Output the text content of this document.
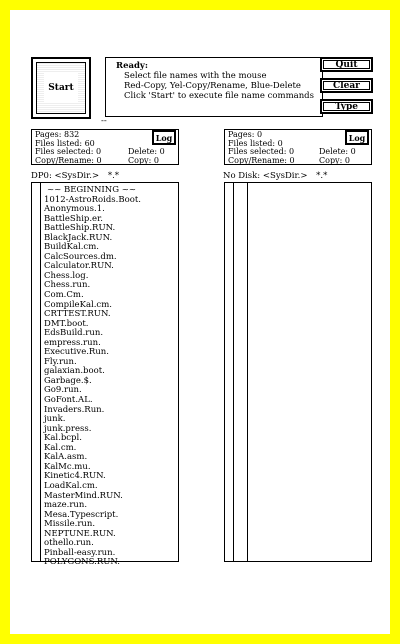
Start
Ready:
Select file names with the mouse
Red-Copy, Yel-Copy/Rename, Blue-Delete
Click 'Start' to execute file name commands
--
Quit
Clear
Type
Pages: 832
Files listed: 60
Files selected: 0	Delete: 0
Copy/Rename: 0	Copy: 0
Log	Pages: 0
Files listed: 0
Files selected: 0	Delete: 0
Copy/Rename: 0	Copy: 0
Log
DP0: <SysDir.> *.*	No Disk: <SysDir.> *.*
~~ BEGINNING ~~
1012-AstroRoids.Boot.
Anonymous.1.
BattleShip.er.
BattleShip.RUN.
BlackJack.RUN.
BuildKal.cm.
CalcSources.dm.
Calculator.RUN.
Chess.log.
Chess.run.
Com.Cm.
CompileKal.cm.
CRTTEST.RUN.
DMT.boot.
EdsBuild.run.
empress.run.
Executive.Run.
Fly.run.
galaxian.boot.
Garbage.$.
Go9.run.
GoFont.AL.
Invaders.Run.
junk.
junk.press.
Kal.bcpl.
Kal.cm.
KalA.asm.
KalMc.mu.
Kinetic4.RUN.
LoadKal.cm.
MasterMind.RUN.
maze.run.
Mesa.Typescript.
Missile.run.
NEPTUNE.RUN.
othello.run.
Pinball-easy.run.
POLYGONS.RUN.
